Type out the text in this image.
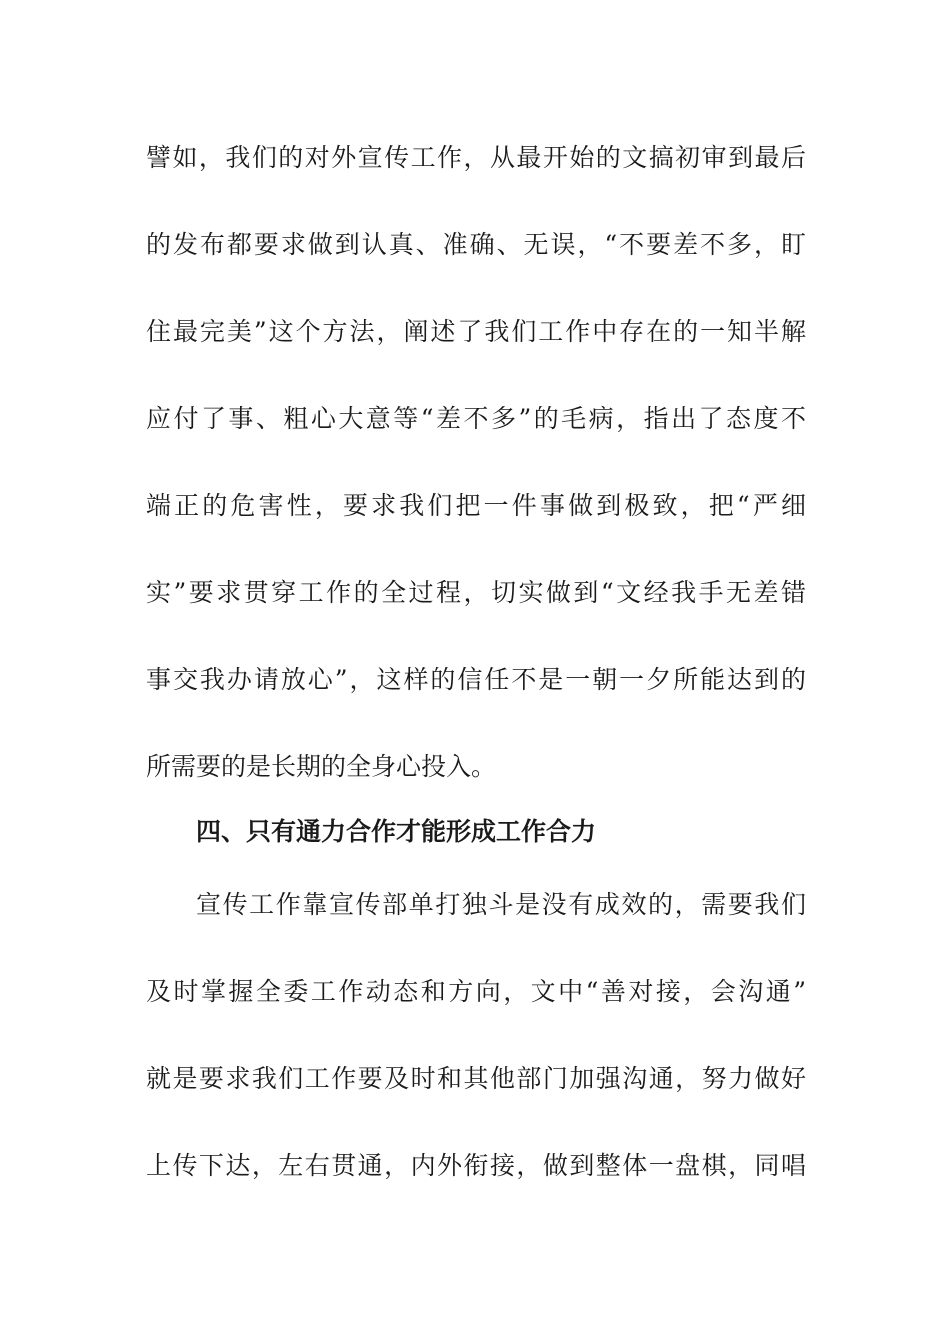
譬如，我们的对外宣传工作，从最开始的文搞初审到最后
的发布都要求做到认真、准确、无误，“不要差不多，盯
住最完美”这个方法，阐述了我们工作中存在的一知半解
应付了事、粗心大意等“差不多”的毛病，指出了态度不
端正的危害性，要求我们把一件事做到极致，把“严细
实”要求贯穿工作的全过程，切实做到“文经我手无差错
事交我办请放心”，这样的信任不是一朝一夕所能达到的
所需要的是长期的全身心投入。
四、只有通力合作才能形成工作合力
宣传工作靠宣传部单打独斗是没有成效的，需要我们
及时掌握全委工作动态和方向，文中“善对接，会沟通”
就是要求我们工作要及时和其他部门加强沟通，努力做好
上传下达，左右贯通，内外衔接，做到整体一盘棋，同唱
